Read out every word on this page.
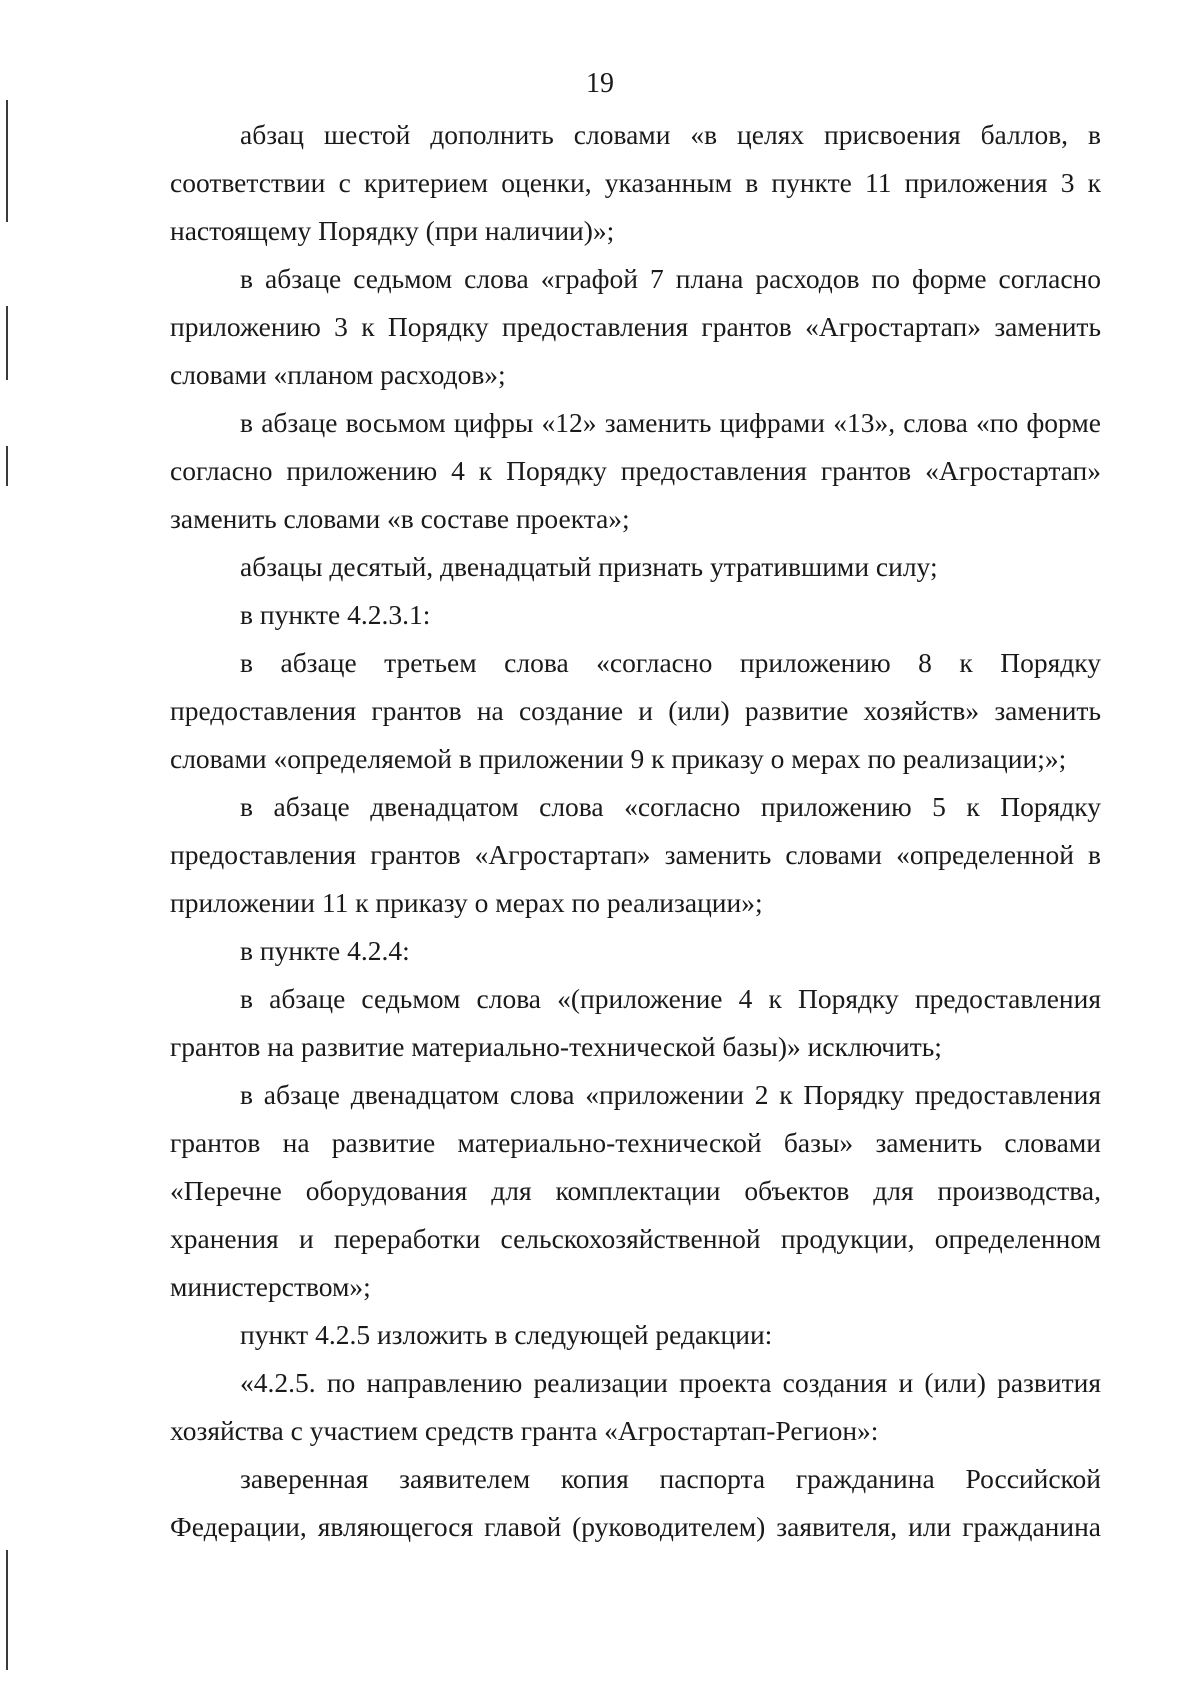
19

абзац шестой дополнить словами «в целях присвоения баллов, в соответствии с критерием оценки, указанным в пункте 11 приложения 3 к настоящему Порядку (при наличии)»;

в абзаце седьмом слова «графой 7 плана расходов по форме согласно приложению 3 к Порядку предоставления грантов «Агростартап» заменить словами «планом расходов»;

в абзаце восьмом цифры «12» заменить цифрами «13», слова «по форме согласно приложению 4 к Порядку предоставления грантов «Агростартап» заменить словами «в составе проекта»;

абзацы десятый, двенадцатый признать утратившими силу;

в пункте 4.2.3.1:

в абзаце третьем слова «согласно приложению 8 к Порядку предоставления грантов на создание и (или) развитие хозяйств» заменить словами «определяемой в приложении 9 к приказу о мерах по реализации;»;

в абзаце двенадцатом слова «согласно приложению 5 к Порядку предоставления грантов «Агростартап» заменить словами «определенной в приложении 11 к приказу о мерах по реализации»;

в пункте 4.2.4:

в абзаце седьмом слова «(приложение 4 к Порядку предоставления грантов на развитие материально-технической базы)» исключить;

в абзаце двенадцатом слова «приложении 2 к Порядку предоставления грантов на развитие материально-технической базы» заменить словами «Перечне оборудования для комплектации объектов для производства, хранения и переработки сельскохозяйственной продукции, определенном министерством»;

пункт 4.2.5 изложить в следующей редакции:

«4.2.5. по направлению реализации проекта создания и (или) развития хозяйства с участием средств гранта «Агростартап-Регион»:

заверенная заявителем копия паспорта гражданина Российской Федерации, являющегося главой (руководителем) заявителя, или гражданина
